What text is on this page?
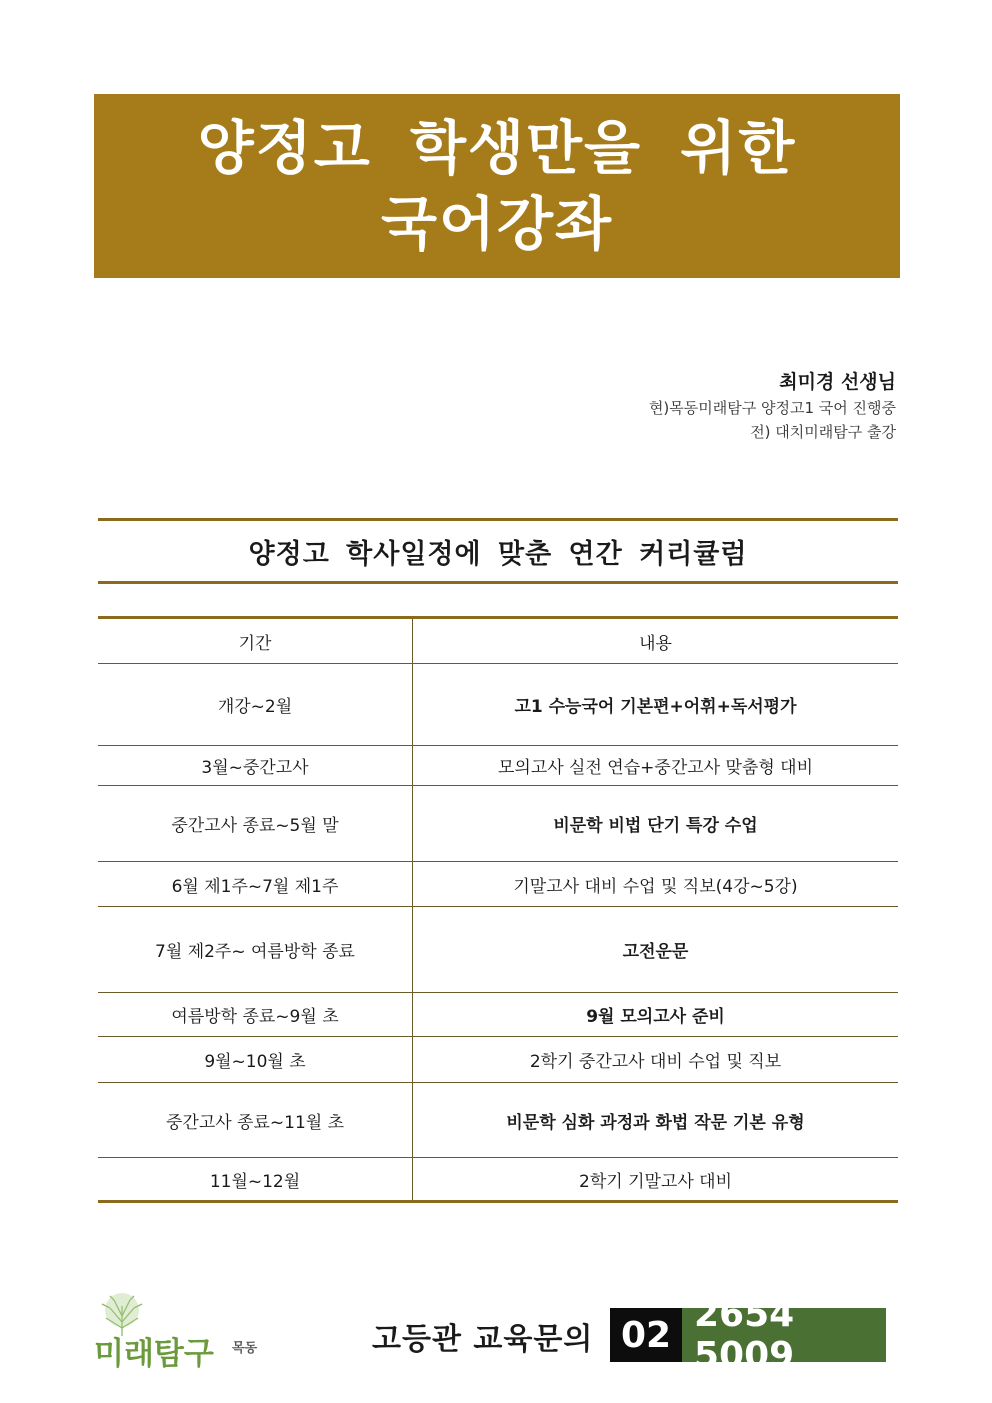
양정고 학생만을 위한
국어강좌
최미경 선생님
현)목동미래탐구 양정고1 국어 진행중
전) 대치미래탐구 출강
양정고 학사일정에 맞춘 연간 커리큘럼
기간	내용
개강~2월	고1 수능국어 기본편+어휘+독서평가
3월~중간고사	모의고사 실전 연습+중간고사 맞춤형 대비
중간고사 종료~5월 말	비문학 비법 단기 특강 수업
6월 제1주~7월 제1주	기말고사 대비 수업 및 직보(4강~5강)
7월 제2주~ 여름방학 종료	고전운문
여름방학 종료~9월 초	9월 모의고사 준비
9월~10월 초	2학기 중간고사 대비 수업 및 직보
중간고사 종료~11월 초	비문학 심화 과정과 화법 작문 기본 유형
11월~12월	2학기 기말고사 대비
미래탐구 목동	고등관 교육문의 02 2654 5009
